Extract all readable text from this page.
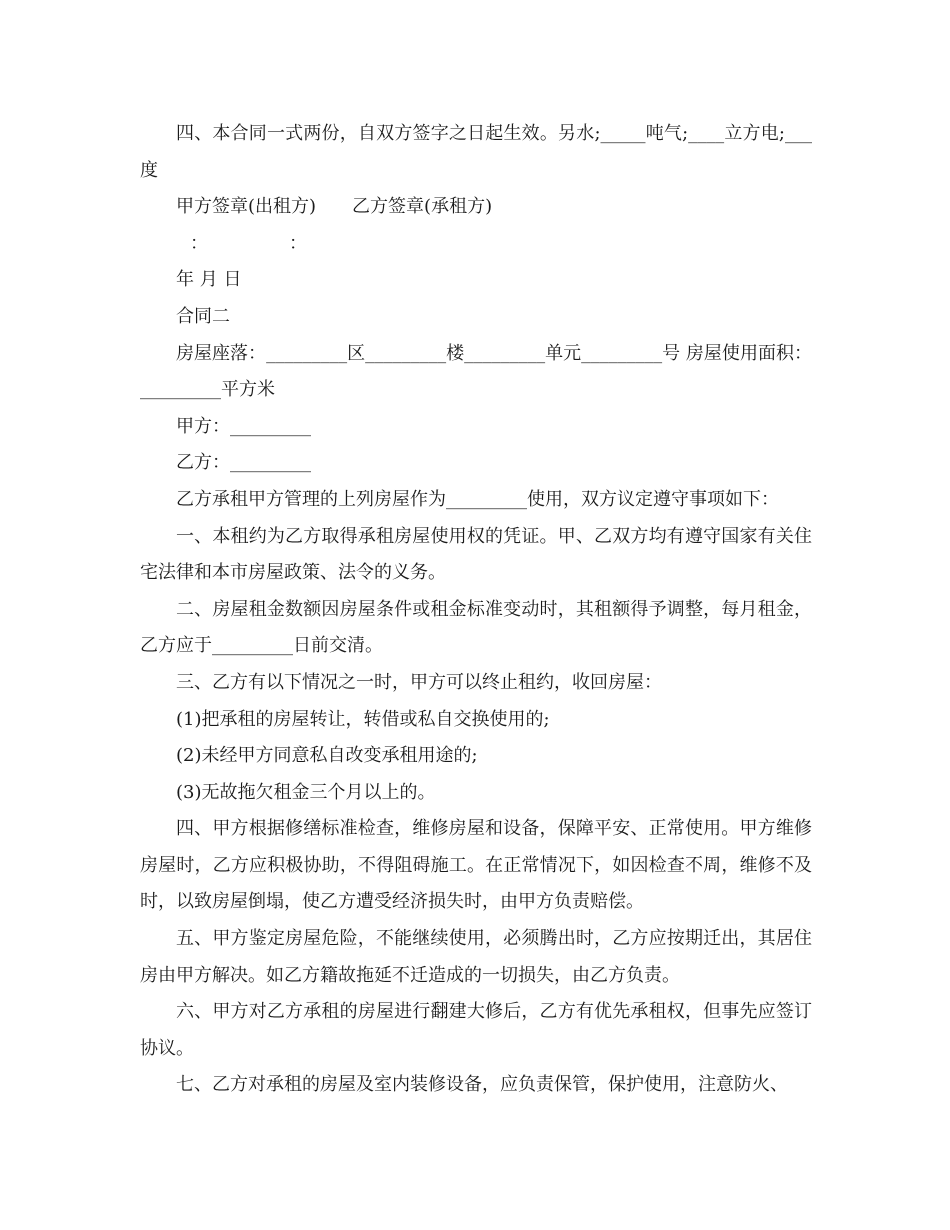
四、本合同一式两份，自双方签字之日起生效。另水;_____吨气;____立方电;___度

甲方签章(出租方)　　乙方签章(承租方)

：　　　　　：

年 月 日

合同二

房屋座落：_________区_________楼_________单元_________号 房屋使用面积：_________平方米

甲方：_________

乙方：_________

乙方承租甲方管理的上列房屋作为_________使用，双方议定遵守事项如下：

一、本租约为乙方取得承租房屋使用权的凭证。甲、乙双方均有遵守国家有关住宅法律和本市房屋政策、法令的义务。

二、房屋租金数额因房屋条件或租金标准变动时，其租额得予调整，每月租金，乙方应于_________日前交清。

三、乙方有以下情况之一时，甲方可以终止租约，收回房屋：

(1)把承租的房屋转让，转借或私自交换使用的;

(2)未经甲方同意私自改变承租用途的;

(3)无故拖欠租金三个月以上的。

四、甲方根据修缮标准检查，维修房屋和设备，保障平安、正常使用。甲方维修房屋时，乙方应积极协助，不得阻碍施工。在正常情况下，如因检查不周，维修不及时，以致房屋倒塌，使乙方遭受经济损失时，由甲方负责赔偿。

五、甲方鉴定房屋危险，不能继续使用，必须腾出时，乙方应按期迁出，其居住房由甲方解决。如乙方籍故拖延不迁造成的一切损失，由乙方负责。

六、甲方对乙方承租的房屋进行翻建大修后，乙方有优先承租权，但事先应签订协议。

七、乙方对承租的房屋及室内装修设备，应负责保管，保护使用，注意防火、
